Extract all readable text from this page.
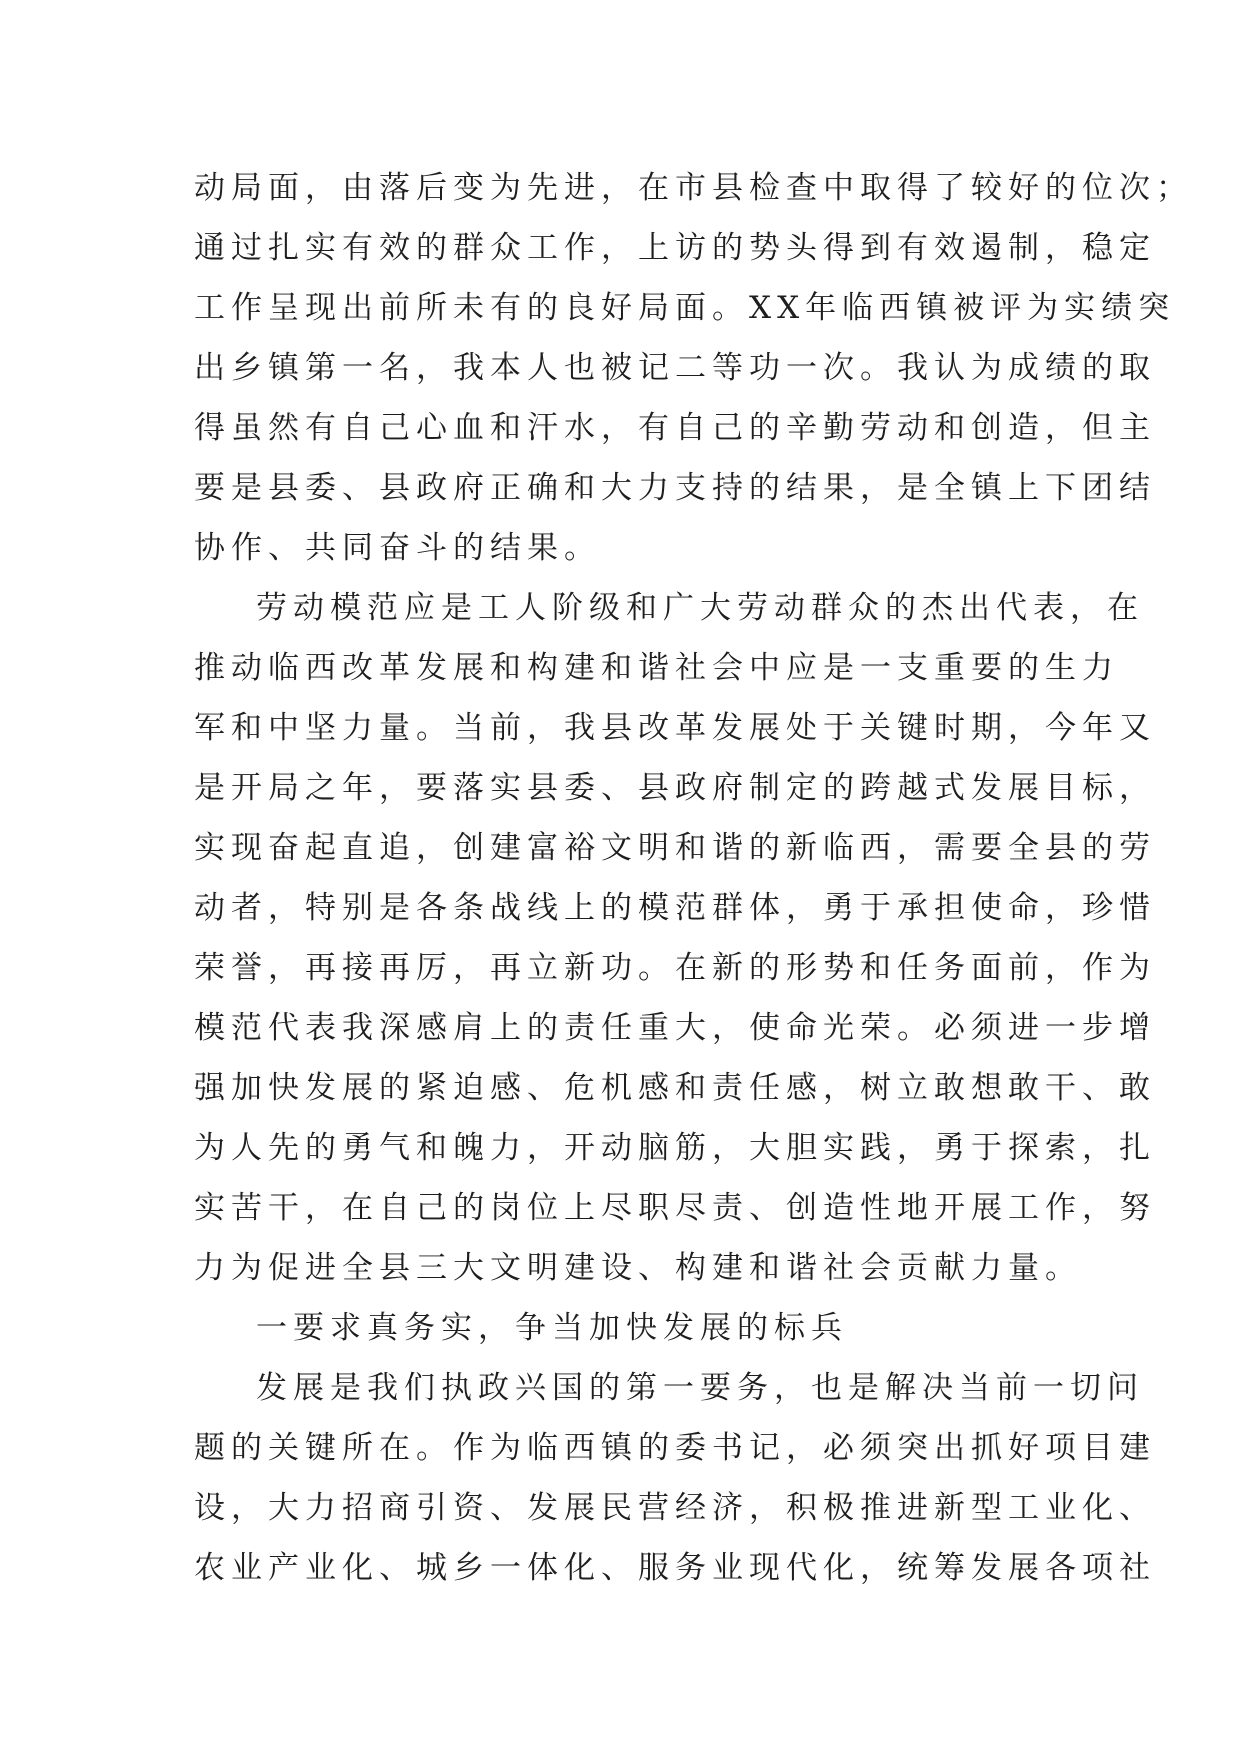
动局面，由落后变为先进，在市县检查中取得了较好的位次；
通过扎实有效的群众工作，上访的势头得到有效遏制，稳定
工作呈现出前所未有的良好局面。XX年临西镇被评为实绩突
出乡镇第一名，我本人也被记二等功一次。我认为成绩的取
得虽然有自己心血和汗水，有自己的辛勤劳动和创造，但主
要是县委、县政府正确和大力支持的结果，是全镇上下团结
协作、共同奋斗的结果。
劳动模范应是工人阶级和广大劳动群众的杰出代表，在
推动临西改革发展和构建和谐社会中应是一支重要的生力
军和中坚力量。当前，我县改革发展处于关键时期，今年又
是开局之年，要落实县委、县政府制定的跨越式发展目标，
实现奋起直追，创建富裕文明和谐的新临西，需要全县的劳
动者，特别是各条战线上的模范群体，勇于承担使命，珍惜
荣誉，再接再厉，再立新功。在新的形势和任务面前，作为
模范代表我深感肩上的责任重大，使命光荣。必须进一步增
强加快发展的紧迫感、危机感和责任感，树立敢想敢干、敢
为人先的勇气和魄力，开动脑筋，大胆实践，勇于探索，扎
实苦干，在自己的岗位上尽职尽责、创造性地开展工作，努
力为促进全县三大文明建设、构建和谐社会贡献力量。
一要求真务实，争当加快发展的标兵
发展是我们执政兴国的第一要务，也是解决当前一切问
题的关键所在。作为临西镇的委书记，必须突出抓好项目建
设，大力招商引资、发展民营经济，积极推进新型工业化、
农业产业化、城乡一体化、服务业现代化，统筹发展各项社
